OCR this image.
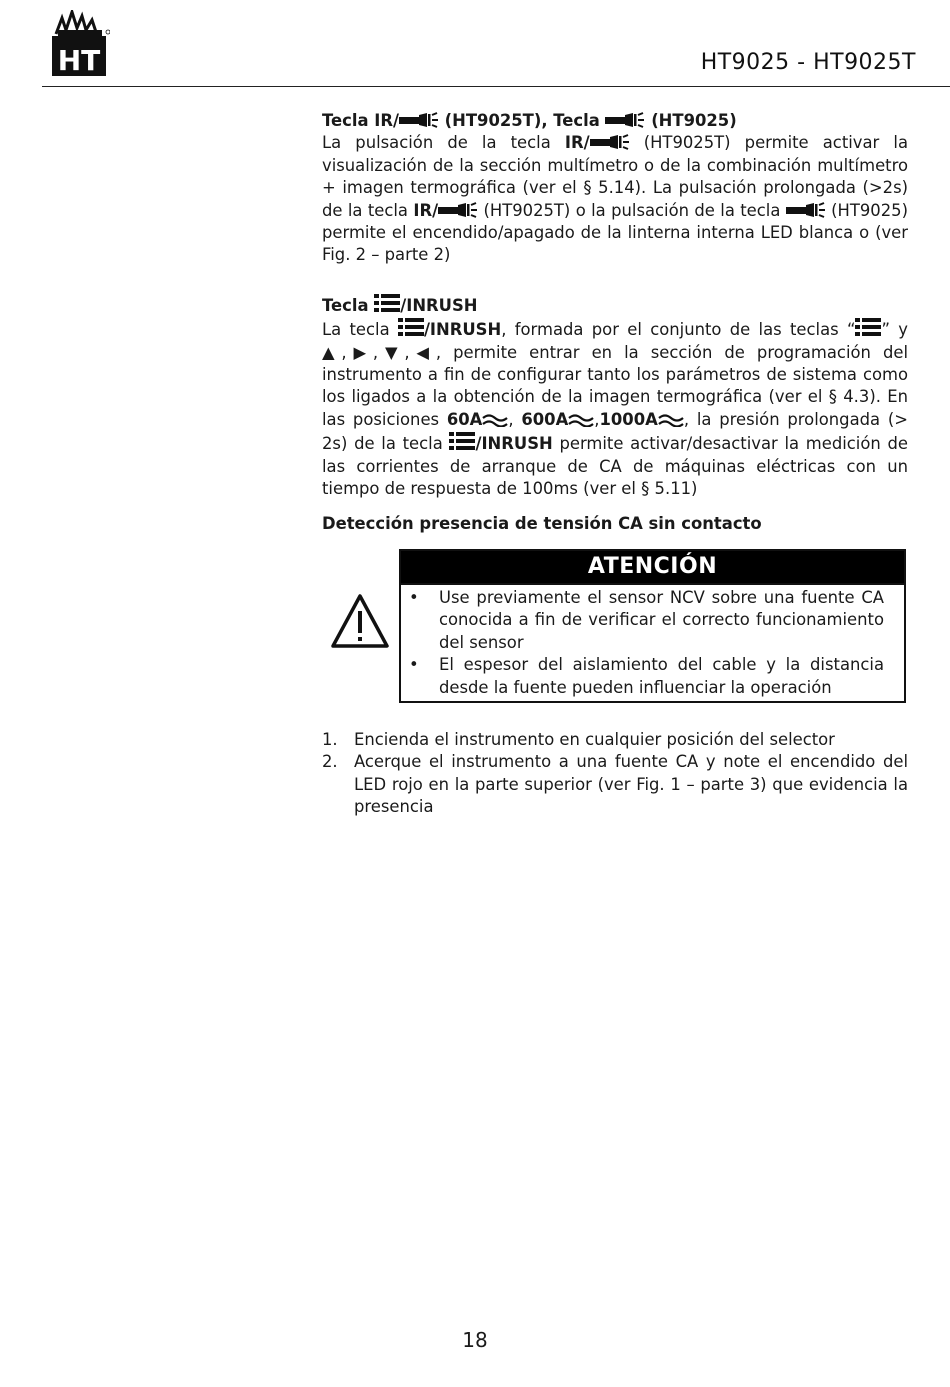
HT	HT9025 - HT9025T

Tecla IR/
(HT9025T), Tecla
(HT9025)

La pulsación de la tecla IR/
(HT9025T) permite activar la visualización de la sección multímetro o de la combinación multímetro + imagen termográfica (ver el § 5.14). La pulsación prolongada (>2s) de la tecla IR/
(HT9025T) o la pulsación de la tecla
(HT9025) permite el encendido/apagado de la linterna interna LED blanca o (ver Fig. 2 – parte 2)

Tecla
/INRUSH

La tecla
/INRUSH, formada por el conjunto de las teclas “ ” y ▲,▶,▼,◀, permite entrar en la sección de programación del instrumento a fin de configurar tanto los parámetros de sistema como los ligados a la obtención de la imagen termográfica (ver el § 4.3). En las posiciones 60A , 600A ,1000A , la presión prolongada (> 2s) de la tecla
/INRUSH permite activar/desactivar la medición de las corrientes de arranque de CA de máquinas eléctricas con un tiempo de respuesta de 100ms (ver el § 5.11)

Detección presencia de tensión CA sin contacto

ATENCIÓN
• Use previamente el sensor NCV sobre una fuente CA conocida a fin de verificar el correcto funcionamiento del sensor
• El espesor del aislamiento del cable y la distancia desde la fuente pueden influenciar la operación
1. Encienda el instrumento en cualquier posición del selector
2. Acerque el instrumento a una fuente CA y note el encendido del LED rojo en la parte superior (ver Fig. 1 – parte 3) que evidencia la presencia
18
